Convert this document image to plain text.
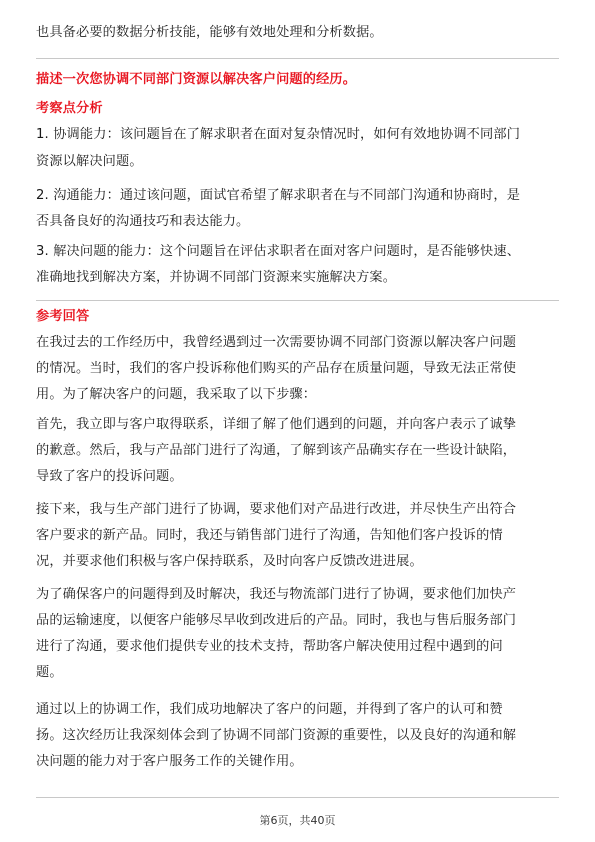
也具备必要的数据分析技能，能够有效地处理和分析数据。

描述一次您协调不同部门资源以解决客户问题的经历。

考察点分析

1. 协调能力：该问题旨在了解求职者在面对复杂情况时，如何有效地协调不同部门

资源以解决问题。

2. 沟通能力：通过该问题，面试官希望了解求职者在与不同部门沟通和协商时，是

否具备良好的沟通技巧和表达能力。

3. 解决问题的能力：这个问题旨在评估求职者在面对客户问题时，是否能够快速、

准确地找到解决方案，并协调不同部门资源来实施解决方案。

参考回答

在我过去的工作经历中，我曾经遇到过一次需要协调不同部门资源以解决客户问题

的情况。当时，我们的客户投诉称他们购买的产品存在质量问题，导致无法正常使

用。为了解决客户的问题，我采取了以下步骤：

首先，我立即与客户取得联系，详细了解了他们遇到的问题，并向客户表示了诚挚

的歉意。然后，我与产品部门进行了沟通，了解到该产品确实存在一些设计缺陷，

导致了客户的投诉问题。

接下来，我与生产部门进行了协调，要求他们对产品进行改进，并尽快生产出符合

客户要求的新产品。同时，我还与销售部门进行了沟通，告知他们客户投诉的情

况，并要求他们积极与客户保持联系，及时向客户反馈改进进展。

为了确保客户的问题得到及时解决，我还与物流部门进行了协调，要求他们加快产

品的运输速度，以便客户能够尽早收到改进后的产品。同时，我也与售后服务部门

进行了沟通，要求他们提供专业的技术支持，帮助客户解决使用过程中遇到的问

题。

通过以上的协调工作，我们成功地解决了客户的问题，并得到了客户的认可和赞

扬。这次经历让我深刻体会到了协调不同部门资源的重要性，以及良好的沟通和解

决问题的能力对于客户服务工作的关键作用。

第6页，共40页
